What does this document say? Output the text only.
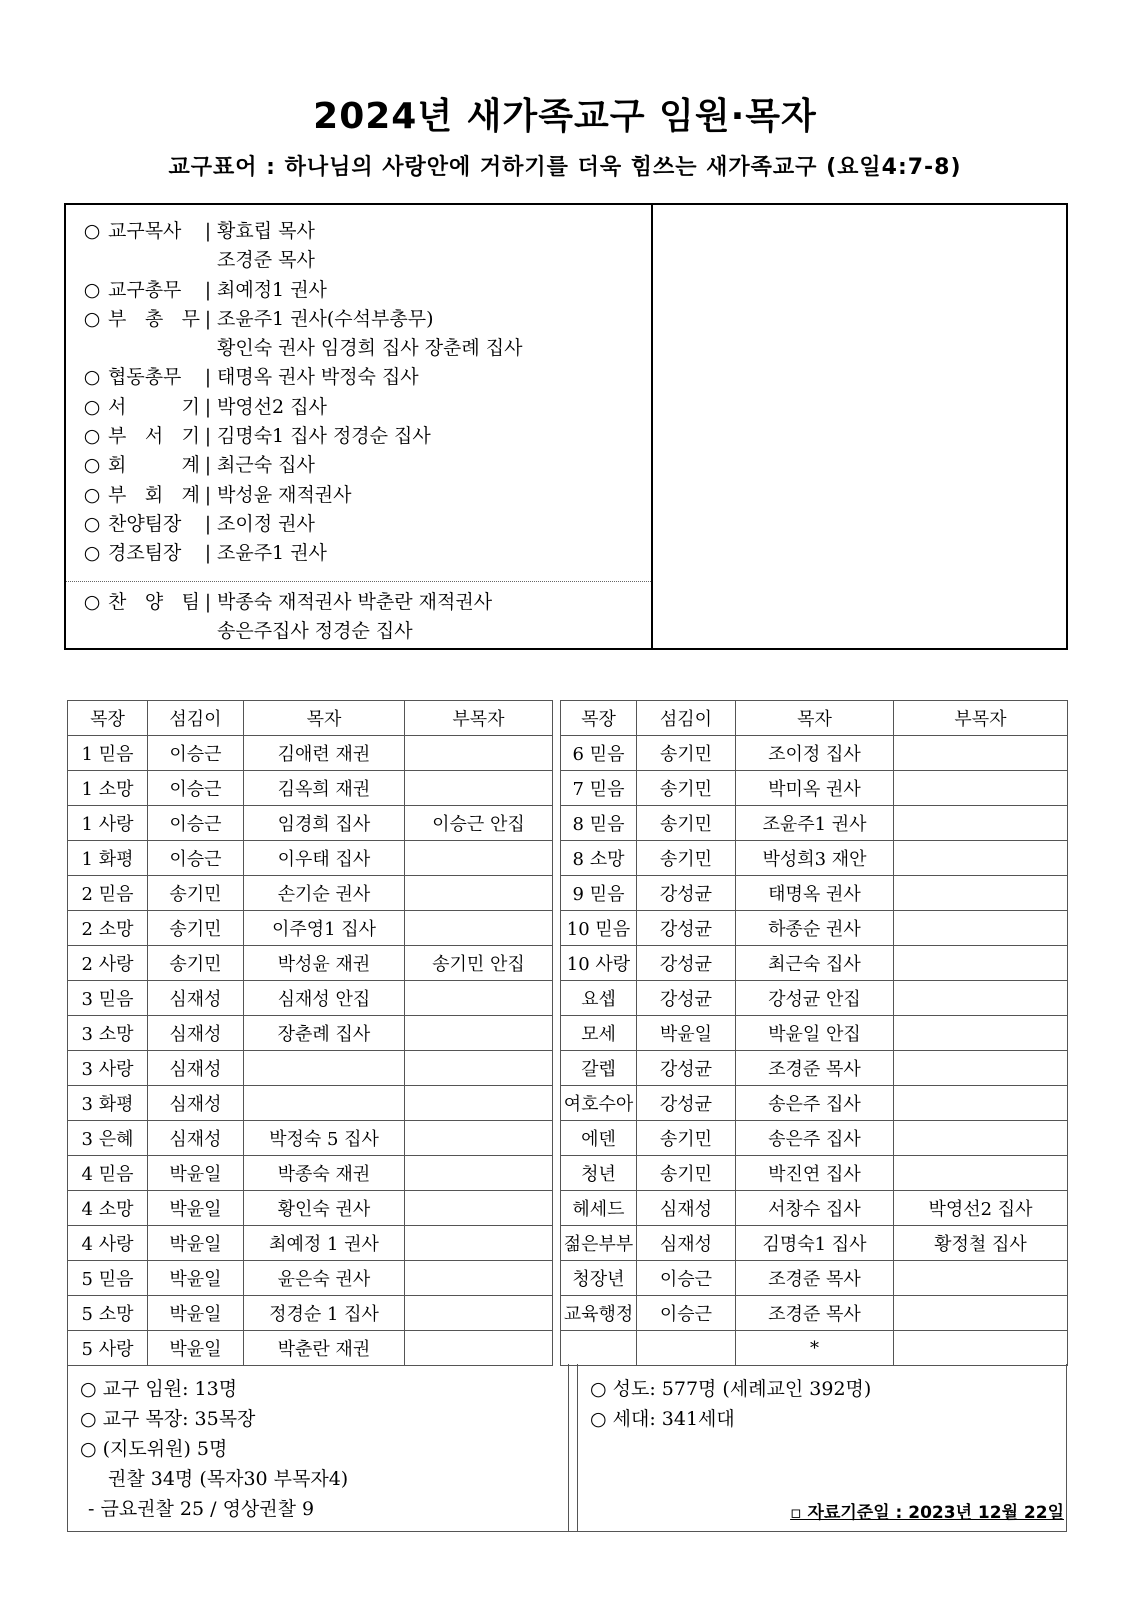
2024년 새가족교구 임원·목자
교구표어 : 하나님의 사랑안에 거하기를 더욱 힘쓰는 새가족교구 (요일4:7-8)
○ 교구목사	| 황효립 목사
조경준 목사
○ 교구총무	| 최예정1 권사
○ 부 총 무 | 조윤주1 권사(수석부총무)
황인숙 권사 임경희 집사 장춘례 집사
○ 협동총무	| 태명옥 권사 박정숙 집사
○ 서 기 | 박영선2 집사
○ 부 서 기 | 김명숙1 집사 정경순 집사
○ 회 계 | 최근숙 집사
○ 부 회 계 | 박성윤 재적권사
○ 찬양팀장	| 조이정 권사
○ 경조팀장	| 조윤주1 권사
○ 찬 양 팀 | 박종숙 재적권사 박춘란 재적권사
송은주집사 정경순 집사
목장	섬김이	목자	부목자		목장	섬김이	목자	부목자
1 믿음	이승근	김애련 재권			6 믿음	송기민	조이정 집사	
1 소망	이승근	김옥희 재권			7 믿음	송기민	박미옥 권사	
1 사랑	이승근	임경희 집사	이승근 안집		8 믿음	송기민	조윤주1 권사	
1 화평	이승근	이우태 집사			8 소망	송기민	박성희3 재안	
2 믿음	송기민	손기순 권사			9 믿음	강성균	태명옥 권사	
2 소망	송기민	이주영1 집사			10 믿음	강성균	하종순 권사	
2 사랑	송기민	박성윤 재권	송기민 안집		10 사랑	강성균	최근숙 집사	
3 믿음	심재성	심재성 안집			요셉	강성균	강성균 안집	
3 소망	심재성	장춘례 집사			모세	박윤일	박윤일 안집	
3 사랑	심재성				갈렙	강성균	조경준 목사	
3 화평	심재성				여호수아	강성균	송은주 집사	
3 은혜	심재성	박정숙 5 집사			에덴	송기민	송은주 집사	
4 믿음	박윤일	박종숙 재권			청년	송기민	박진연 집사	
4 소망	박윤일	황인숙 권사			헤세드	심재성	서창수 집사	박영선2 집사
4 사랑	박윤일	최예정 1 권사			젊은부부	심재성	김명숙1 집사	황정철 집사
5 믿음	박윤일	윤은숙 권사			청장년	이승근	조경준 목사	
5 소망	박윤일	정경순 1 집사			교육행정	이승근	조경준 목사	
5 사랑	박윤일	박춘란 재권					*	
○ 교구 임원: 13명
○ 교구 목장: 35목장
○ (지도위원) 5명
권찰 34명 (목자30 부목자4)
- 금요권찰 25 / 영상권찰 9
○ 성도: 577명 (세례교인 392명)
○ 세대: 341세대
▫ 자료기준일 : 2023년 12월 22일
